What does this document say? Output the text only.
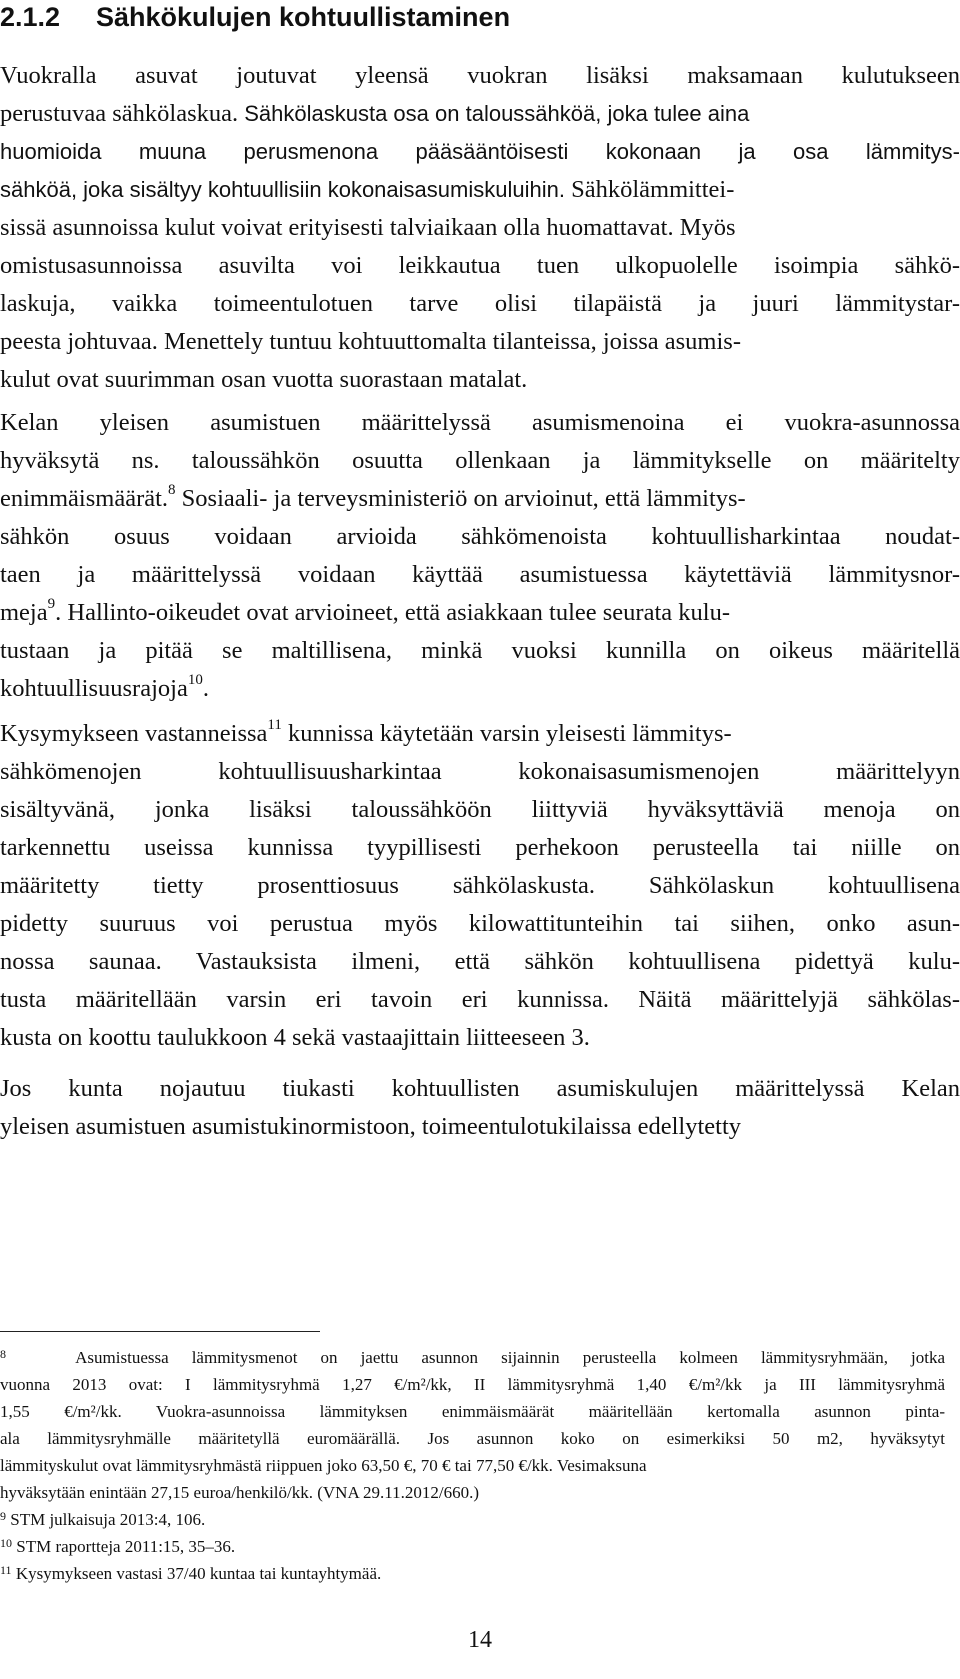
2.1.2 Sähkökulujen kohtuullistaminen
Vuokralla asuvat joutuvat yleensä vuokran lisäksi maksamaan kulutukseen
perustuvaa sähkölaskua. Sähkölaskusta osa on taloussähköä, joka tulee aina
huomioida muuna perusmenona pääsääntöisesti kokonaan ja osa lämmitys-
sähköä, joka sisältyy kohtuullisiin kokonaisasumiskuluihin. Sähkölämmittei-
sissä asunnoissa kulut voivat erityisesti talviaikaan olla huomattavat. Myös
omistusasunnoissa asuvilta voi leikkautua tuen ulkopuolelle isoimpia sähkö-
laskuja, vaikka toimeentulotuen tarve olisi tilapäistä ja juuri lämmitystar-
peesta johtuvaa. Menettely tuntuu kohtuuttomalta tilanteissa, joissa asumis-
kulut ovat suurimman osan vuotta suorastaan matalat.
Kelan yleisen asumistuen määrittelyssä asumismenoina ei vuokra-asunnossa
hyväksytä ns. taloussähkön osuutta ollenkaan ja lämmitykselle on määritelty
enimmäismäärät.$^8$ Sosiaali- ja terveysministeriö on arvioinut, että lämmitys-
sähkön osuus voidaan arvioida sähkömenoista kohtuullisharkintaa noudat-
taen ja määrittelyssä voidaan käyttää asumistuessa käytettäviä lämmitysnor-
meja$^9$. Hallinto-oikeudet ovat arvioineet, että asiakkaan tulee seurata kulu-
tustaan ja pitää se maltillisena, minkä vuoksi kunnilla on oikeus määritellä
kohtuullisuusrajoja$^{10}$.
Kysymykseen vastanneissa$^{11}$ kunnissa käytetään varsin yleisesti lämmitys-
sähkömenojen kohtuullisuusharkintaa kokonaisasumismenojen määrittelyyn
sisältyvänä, jonka lisäksi taloussähköön liittyviä hyväksyttäviä menoja on
tarkennettu useissa kunnissa tyypillisesti perhekoon perusteella tai niille on
määritetty tietty prosenttiosuus sähkölaskusta. Sähkölaskun kohtuullisena
pidetty suuruus voi perustua myös kilowattitunteihin tai siihen, onko asun-
nossa saunaa. Vastauksista ilmeni, että sähkön kohtuullisena pidettyä kulu-
tusta määritellään varsin eri tavoin eri kunnissa. Näitä määrittelyjä sähkölas-
kusta on koottu taulukkoon 4 sekä vastaajittain liitteeseen 3.
Jos kunta nojautuu tiukasti kohtuullisten asumiskulujen määrittelyssä Kelan
yleisen asumistuen asumistukinormistoon, toimeentulotukilaissa edellytetty
$^8$	Asumistuessa lämmitysmenot on jaettu asunnon sijainnin perusteella kolmeen lämmitysryhmään, jotka
vuonna 2013 ovat: I lämmitysryhmä 1,27 €/m²/kk, II lämmitysryhmä 1,40 €/m²/kk ja III lämmitysryhmä
1,55 €/m²/kk. Vuokra-asunnoissa lämmityksen enimmäismäärät määritellään kertomalla asunnon pinta-
ala lämmitysryhmälle määritetyllä euromäärällä. Jos asunnon koko on esimerkiksi 50 m2, hyväksytyt
lämmityskulut ovat lämmitysryhmästä riippuen joko 63,50 €, 70 € tai 77,50 €/kk. Vesimaksuna
hyväksytään enintään 27,15 euroa/henkilö/kk. (VNA 29.11.2012/660.)
$^9$ STM julkaisuja 2013:4, 106.
$^{10}$ STM raportteja 2011:15, 35–36.
$^{11}$ Kysymykseen vastasi 37/40 kuntaa tai kuntayhtymää.
14
